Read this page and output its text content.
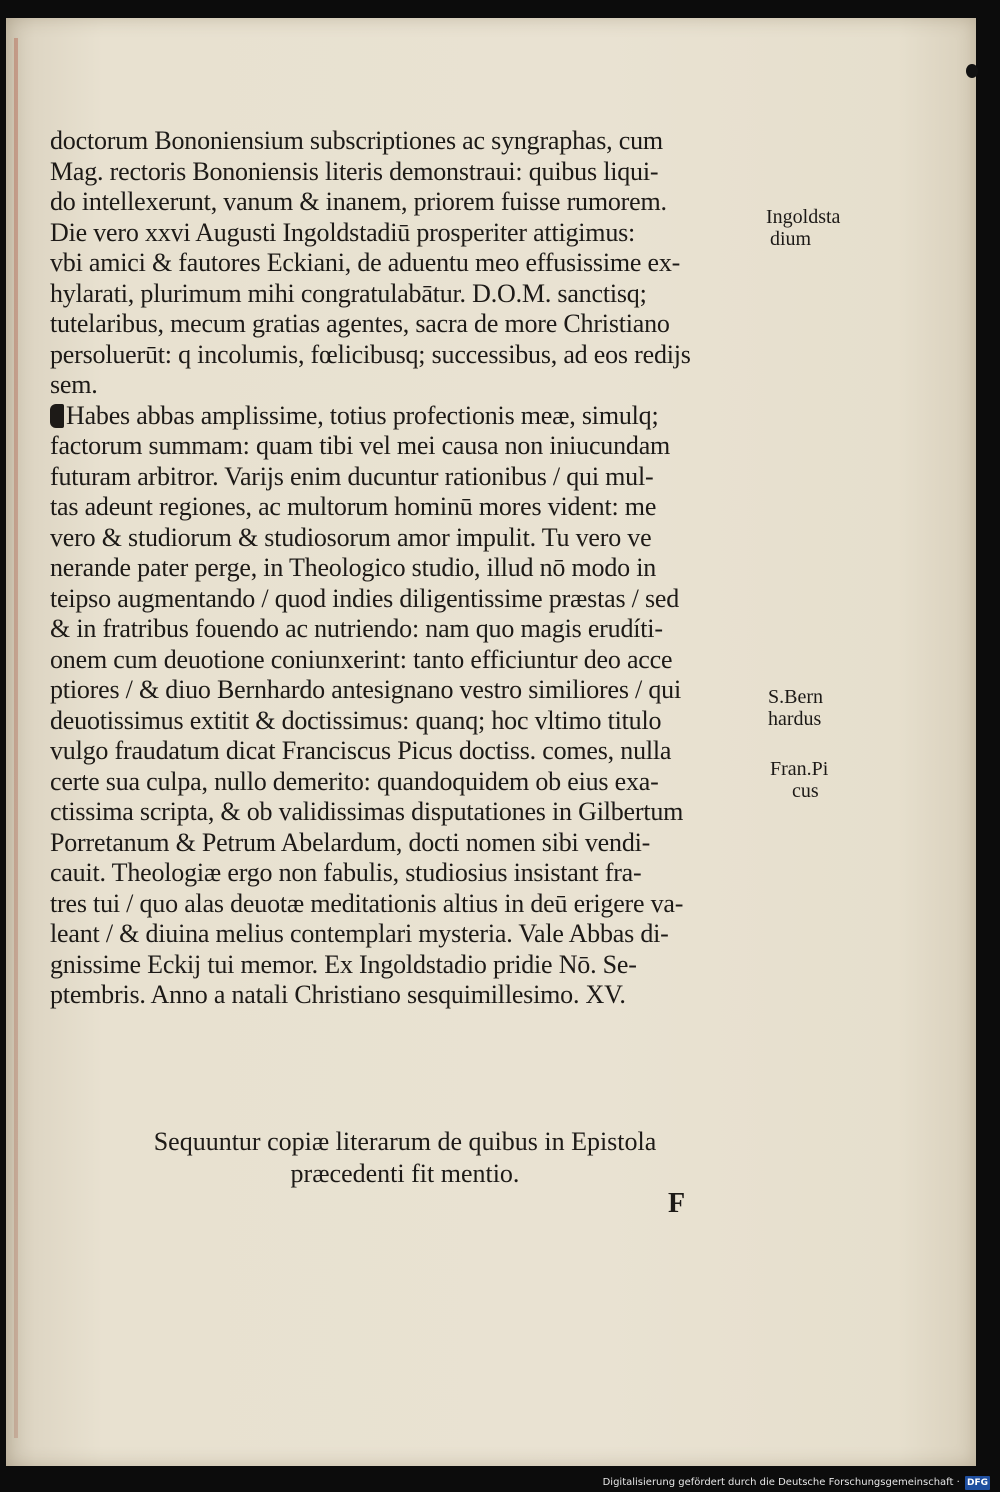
doctorum Bononiensium subscriptiones ac syngraphas, cum
Mag. rectoris Bononiensis literis demonstraui: quibus liqui-
do intellexerunt, vanum & inanem, priorem fuisse rumorem.
Die vero xxvi Augusti Ingoldstadiū prosperiter attigimus:
vbi amici & fautores Eckiani, de aduentu meo effusissime ex-
hylarati, plurimum mihi congratulabātur. D.O.M. sanctisq;
tutelaribus, mecum gratias agentes, sacra de more Christiano
persoluerūt: q incolumis, fœlicibusq; successibus, ad eos redijs
sem.
Habes abbas amplissime, totius profectionis meæ, simulq;
factorum summam: quam tibi vel mei causa non iniucundam
futuram arbitror. Varijs enim ducuntur rationibus / qui mul-
tas adeunt regiones, ac multorum hominū mores vident: me
vero & studiorum & studiosorum amor impulit. Tu vero ve
nerande pater perge, in Theologico studio, illud nō modo in
teipso augmentando / quod indies diligentissime præstas / sed
& in fratribus fouendo ac nutriendo: nam quo magis erudíti-
onem cum deuotione coniunxerint: tanto efficiuntur deo acce
ptiores / & diuo Bernhardo antesignano vestro similiores / qui
deuotissimus extitit & doctissimus: quanq; hoc vltimo titulo
vulgo fraudatum dicat Franciscus Picus doctiss. comes, nulla
certe sua culpa, nullo demerito: quandoquidem ob eius exa-
ctissima scripta, & ob validissimas disputationes in Gilbertum
Porretanum & Petrum Abelardum, docti nomen sibi vendi-
cauit. Theologiæ ergo non fabulis, studiosius insistant fra-
tres tui / quo alas deuotæ meditationis altius in deū erigere va-
leant / & diuina melius contemplari mysteria. Vale Abbas di-
gnissime Eckij tui memor. Ex Ingoldstadio pridie Nō. Se-
ptembris. Anno a natali Christiano sesquimillesimo. XV.
Ingoldsta
dium
S.Bern
hardus
Fran.Pi
cus
Sequuntur copiæ literarum de quibus in Epistola
præcedenti fit mentio.
F
Digitalisierung gefördert durch die Deutsche Forschungsgemeinschaft · DFG
